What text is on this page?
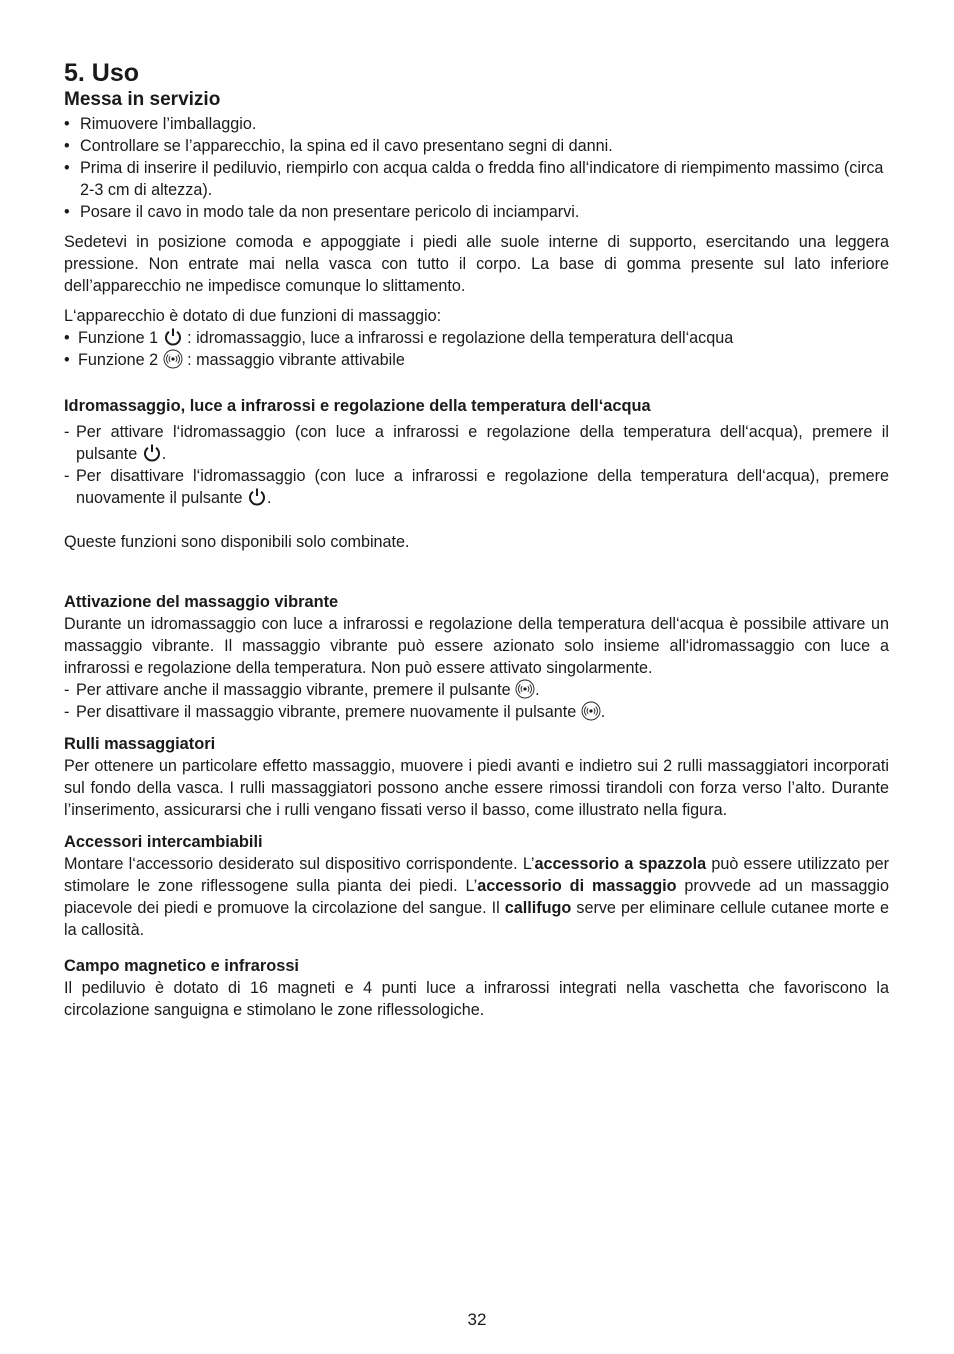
5. Uso
Messa in servizio
• Rimuovere l’imballaggio.
• Controllare se l’apparecchio, la spina ed il cavo presentano segni di danni.
• Prima di inserire il pediluvio, riempirlo con acqua calda o fredda fino all‘indicatore di riempimento massimo (circa 2-3 cm di altezza).
• Posare il cavo in modo tale da non presentare pericolo di inciamparvi.

Sedetevi in posizione comoda e appoggiate i piedi alle suole interne di supporto, esercitando una leggera pressione. Non entrate mai nella vasca con tutto il corpo. La base di gomma presente sul lato inferiore dell’apparecchio ne impedisce comunque lo slittamento.

L‘apparecchio è dotato di due funzioni di massaggio:

• Funzione 1 : idromassaggio, luce a infrarossi e regolazione della temperatura dell‘acqua
• Funzione 2 : massaggio vibrante attivabile
Idromassaggio, luce a infrarossi e regolazione della temperatura dell‘acqua
- Per attivare l‘idromassaggio (con luce a infrarossi e regolazione della temperatura dell‘acqua), premere il pulsante .
- Per disattivare l‘idromassaggio (con luce a infrarossi e regolazione della temperatura dell‘acqua), premere nuovamente il pulsante .

Queste funzioni sono disponibili solo combinate.

Attivazione del massaggio vibrante

Durante un idromassaggio con luce a infrarossi e regolazione della temperatura dell‘acqua è possibile attivare un massaggio vibrante. Il massaggio vibrante può essere azionato solo insieme all‘idromassaggio con luce a infrarossi e regolazione della temperatura. Non può essere attivato singolarmente.

- Per attivare anche il massaggio vibrante, premere il pulsante .
- Per disattivare il massaggio vibrante, premere nuovamente il pulsante .
Rulli massaggiatori

Per ottenere un particolare effetto massaggio, muovere i piedi avanti e indietro sui 2 rulli massaggiatori incorporati sul fondo della vasca. I rulli massaggiatori possono anche essere rimossi tirandoli con forza verso l’alto. Durante l’inserimento, assicurarsi che i rulli vengano fissati verso il basso, come illustrato nella figura.

Accessori intercambiabili

Montare l‘accessorio desiderato sul dispositivo corrispondente. L’accessorio a spazzola può essere utilizzato per stimolare le zone riflessogene sulla pianta dei piedi. L’accessorio di massaggio provvede ad un massaggio piacevole dei piedi e promuove la circolazione del sangue. Il callifugo serve per eliminare cellule cutanee morte e la callosità.

Campo magnetico e infrarossi

Il pediluvio è dotato di 16 magneti e 4 punti luce a infrarossi integrati nella vaschetta che favoriscono la circolazione sanguigna e stimolano le zone riflessologiche.

32
